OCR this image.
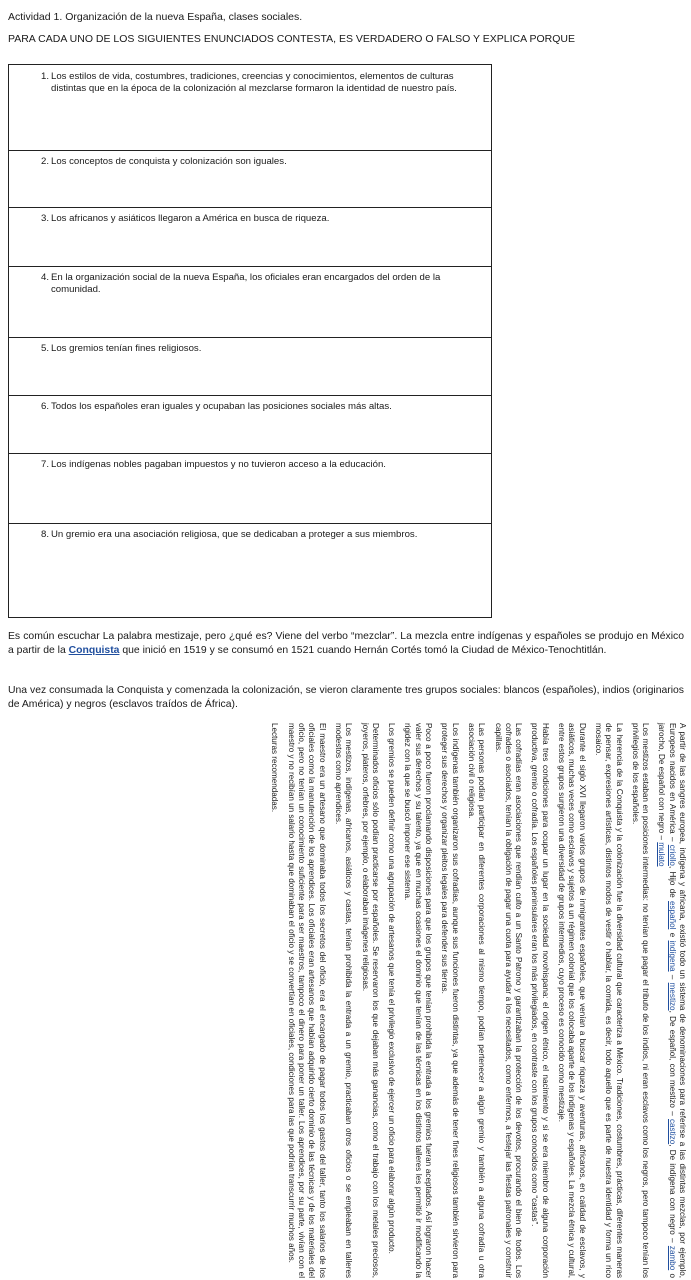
Actividad 1. Organización de la nueva España, clases sociales.
PARA CADA UNO DE LOS SIGUIENTES ENUNCIADOS CONTESTA, ES VERDADERO O FALSO Y EXPLICA PORQUE
1. Los estilos de vida, costumbres, tradiciones, creencias y conocimientos, elementos de culturas distintas que en la época de la colonización al mezclarse formaron la identidad de nuestro país.
2. Los conceptos de conquista y colonización son iguales.
3. Los africanos y asiáticos llegaron a América en busca de riqueza.
4. En la organización social de la nueva España, los oficiales eran encargados del orden de la comunidad.
5. Los gremios tenían fines religiosos.
6. Todos los españoles eran iguales y ocupaban las posiciones sociales más altas.
7. Los indígenas nobles pagaban impuestos y no tuvieron acceso a la educación.
8. Un gremio era una asociación religiosa, que se dedicaban a proteger a sus miembros.
Es común escuchar La palabra mestizaje, pero ¿qué es? Viene del verbo “mezclar”. La mezcla entre indígenas y españoles se produjo en México a partir de la Conquista que inició en 1519 y se consumó en 1521 cuando Hernán Cortés tomó la Ciudad de México-Tenochtitlán.
Una vez consumada la Conquista y comenzada la colonización, se vieron claramente tres grupos sociales: blancos (españoles), indios (originarios de América) y negros (esclavos traídos de África).

A partir de las sangres europea, indígena y africana, existió todo un sistema de denominaciones para referirse a las distintas mezclas, por ejemplo, Europeos nacidos en América – criollo, Hijo de español e indígena – mestizo, De español, con mestizo – castizo, De indígena con negro – zambo o jarocho, De español con negro – mulato

Los mestizos estaban en posiciones intermedias: no tenían que pagar el tributo de los indios, ni eran esclavos como los negros, pero tampoco tenían los privilegios de los españoles.

La herencia de la Conquista y la colonización fue la diversidad cultural que caracteriza a México. Tradiciones, costumbres, prácticas, diferentes maneras de pensar, expresiones artísticas, distintos modos de vestir o hablar, la comida, es decir, todo aquello que es parte de nuestra identidad y forma un rico mosaico.

Durante el siglo XVI llegaron varios grupos de inmigrantes españoles, que venían a buscar riqueza y aventuras, africanos, en calidad de esclavos, y asiáticos, muchas veces como esclavos y sujetos a un régimen colonial que los colocaba aparte de los indígenas y españoles. La mezcla étnica y cultural, entre estos grupos surgieron una diversidad de grupos intermedios, cuyo proceso es conocido como mestizaje.

Había tres condiciones para ocupar un lugar en la sociedad novohispana: el origen étnico, el nacimiento y si se era miembro de alguna corporación productiva, gremio o cofradía. Los españoles peninsulares eran los más privilegiados, en contraste con los grupos conocidos como “castas”.

Las cofradías eran asociaciones que rendían culto a un Santo Patrono y garantizaban la protección de los devotos, procurando el bien de todos. Los cofrades o asociados, tenían la obligación de pagar una cuota para ayudar a los necesitados, como enfermos, a festejar las fiestas patronales y construir capillas.

Las personas podían participar en diferentes corporaciones al mismo tiempo, podían pertenecer a algún gremio y también a alguna cofradía u otra asociación civil o religiosa.

Los indígenas también organizaron sus cofradías, aunque sus funciones fueron distintas, ya que además de tener fines religiosos también sirvieron para proteger sus derechos y organizar pleitos legales para defender sus tierras.

Poco a poco fueron proclamando disposiciones para que los grupos que tenían prohibida la entrada a los gremios fueran aceptados. Así lograron hacer valer sus derechos y su talento, ya que en muchas ocasiones el dominio que tenían de las técnicas en los distintos talleres les permitió ir modificando la rigidez con la que se buscó imponer ese sistema.

Los gremios se pueden definir como una agrupación de artesanos que tenía el privilegio exclusivo de ejercer un oficio para elaborar algún producto.

Determinados oficios sólo podían practicarse por españoles. Se reservaron los que dejaban más ganancias, como el trabajo con los metales preciosos, joyeros, plateros, orfebres, por ejemplo, o elaboraban imágenes religiosas.

Los mestizos, indígenas, africanos, asiáticos y castas, tenían prohibida la entrada a un gremio, practicaban otros oficios o se empleaban en talleres modestos como aprendices.

El maestro era un artesano que dominaba todos los secretos del oficio, era el encargado de pagar todos los gastos del taller, tanto los salarios de los oficiales como la manutención de los aprendices. Los oficiales eran artesanos que habían adquirido cierto dominio de las técnicas y de los materiales del oficio, pero no tenían un conocimiento suficiente para ser maestros, tampoco el dinero para poner un taller. Los aprendices, por su parte, vivían con el maestro y no recibían un salario hasta que dominaban el oficio y se convertían en oficiales, condiciones para las que podrían transcurrir muchos años.

Lecturas recomendadas.
